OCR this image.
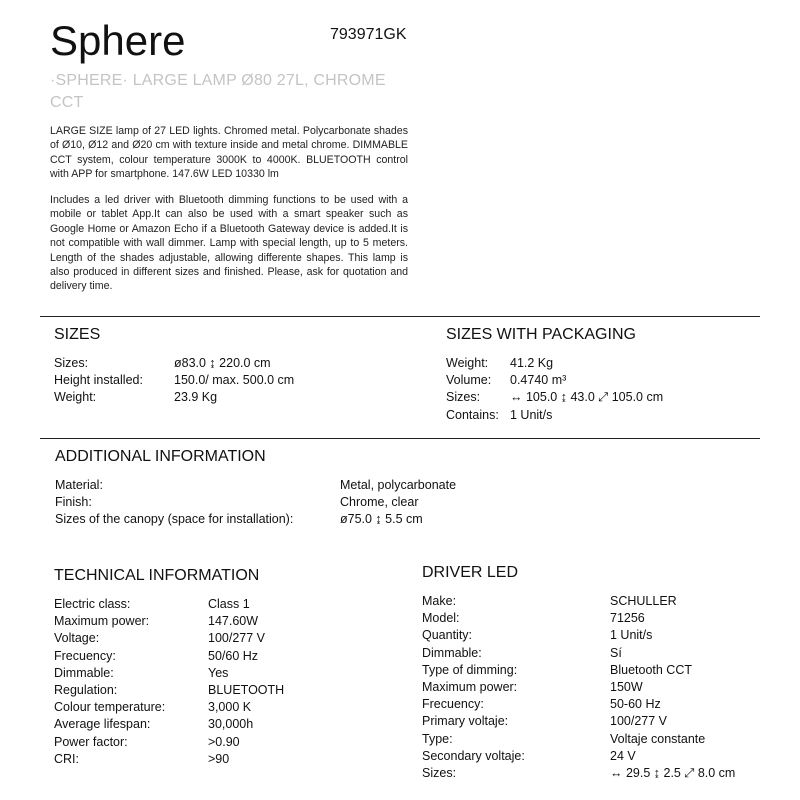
Sphere	793971GK
·SPHERE· LARGE LAMP Ø80 27L, CHROME CCT
LARGE SIZE lamp of 27 LED lights. Chromed metal. Polycarbonate shades of Ø10, Ø12 and Ø20 cm with texture inside and metal chrome. DIMMABLE CCT system, colour temperature 3000K to 4000K. BLUETOOTH control with APP for smartphone. 147.6W LED 10330 lm
Includes a led driver with Bluetooth dimming functions to be used with a mobile or tablet App.It can also be used with a smart speaker such as Google Home or Amazon Echo if a Bluetooth Gateway device is added.It is not compatible with wall dimmer. Lamp with special length, up to 5 meters. Length of the shades adjustable, allowing differente shapes. This lamp is also produced in different sizes and finished. Please, ask for quotation and delivery time.
SIZES
Sizes:	ø83.0 ↨ 220.0 cm
Height installed:	150.0/ max. 500.0 cm
Weight:	23.9 Kg
SIZES WITH PACKAGING
Weight:	41.2 Kg
Volume:	0.4740 m³
Sizes:	↔ 105.0 ↨ 43.0 ⤢ 105.0 cm
Contains: 1 Unit/s
ADDITIONAL INFORMATION
Material:	Metal, polycarbonate
Finish:	Chrome, clear
Sizes of the canopy (space for installation):	ø75.0 ↨ 5.5 cm
TECHNICAL INFORMATION
Electric class:	Class 1
Maximum power:	147.60W
Voltage:	100/277 V
Frecuency:	50/60 Hz
Dimmable:	Yes
Regulation:	BLUETOOTH
Colour temperature:	3,000 K
Average lifespan:	30,000h
Power factor:	>0.90
CRI:	>90
DRIVER LED
Make:	SCHULLER
Model:	71256
Quantity:	1 Unit/s
Dimmable:	Sí
Type of dimming:	Bluetooth CCT
Maximum power:	150W
Frecuency:	50-60 Hz
Primary voltaje:	100/277 V
Type:	Voltaje constante
Secondary voltaje:	24 V
Sizes:	↔ 29.5 ↨ 2.5 ⤢ 8.0 cm
